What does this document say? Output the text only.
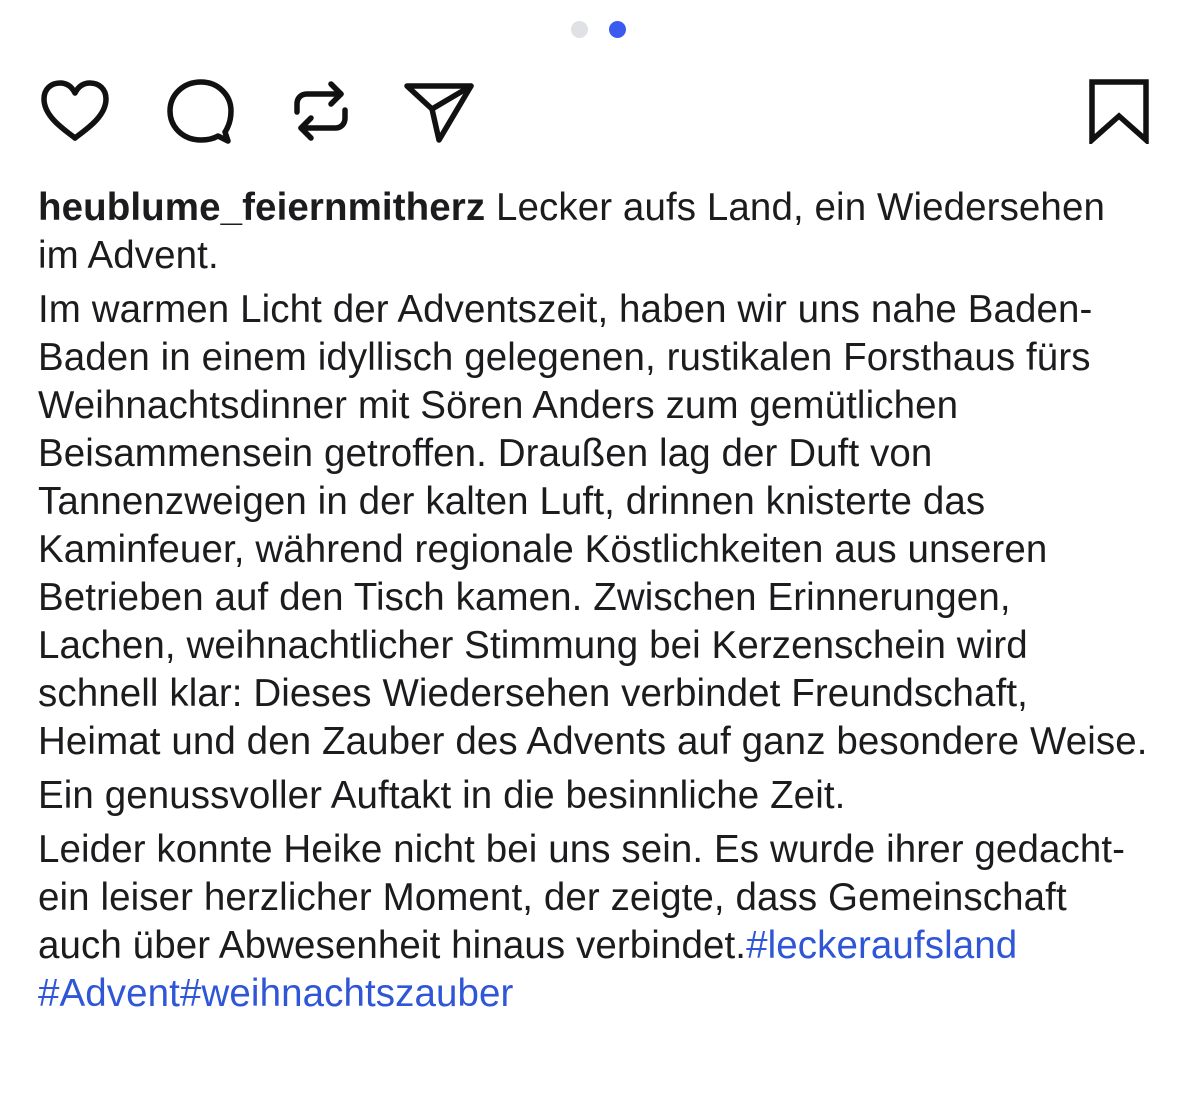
heublume_feiernmitherz Lecker aufs Land, ein Wiedersehen im Advent.

Im warmen Licht der Adventszeit, haben wir uns nahe Baden-Baden in einem idyllisch gelegenen, rustikalen Forsthaus fürs Weihnachtsdinner mit Sören Anders zum gemütlichen Beisammensein getroffen. Draußen lag der Duft von Tannenzweigen in der kalten Luft, drinnen knisterte das Kaminfeuer, während regionale Köstlichkeiten aus unseren Betrieben auf den Tisch kamen. Zwischen Erinnerungen, Lachen, weihnachtlicher Stimmung bei Kerzenschein wird schnell klar: Dieses Wiedersehen verbindet Freundschaft, Heimat und den Zauber des Advents auf ganz besondere Weise.

Ein genussvoller Auftakt in die besinnliche Zeit.

Leider konnte Heike nicht bei uns sein. Es wurde ihrer gedacht- ein leiser herzlicher Moment, der zeigte, dass Gemeinschaft auch über Abwesenheit hinaus verbindet.#leckeraufsland #Advent#weihnachtszauber
